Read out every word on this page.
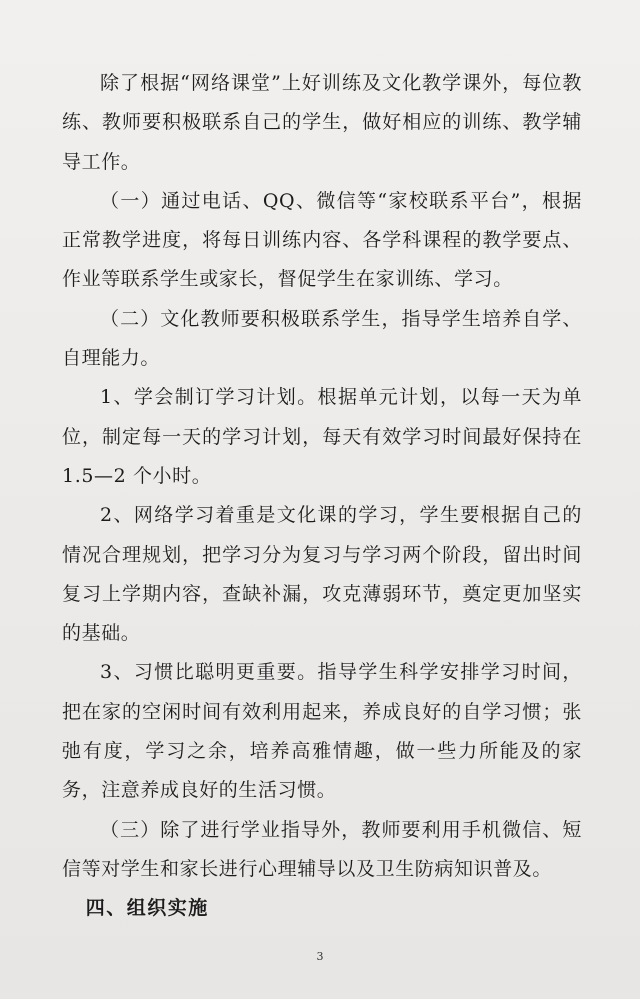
除了根据“网络课堂”上好训练及文化教学课外，每位教练、教师要积极联系自己的学生，做好相应的训练、教学辅导工作。

（一）通过电话、QQ、微信等“家校联系平台”，根据正常教学进度，将每日训练内容、各学科课程的教学要点、作业等联系学生或家长，督促学生在家训练、学习。

（二）文化教师要积极联系学生，指导学生培养自学、自理能力。

1、学会制订学习计划。根据单元计划，以每一天为单位，制定每一天的学习计划，每天有效学习时间最好保持在1.5—2 个小时。

2、网络学习着重是文化课的学习，学生要根据自己的情况合理规划，把学习分为复习与学习两个阶段，留出时间复习上学期内容，查缺补漏，攻克薄弱环节，奠定更加坚实的基础。

3、习惯比聪明更重要。指导学生科学安排学习时间，把在家的空闲时间有效利用起来，养成良好的自学习惯；张弛有度，学习之余，培养高雅情趣，做一些力所能及的家务，注意养成良好的生活习惯。

（三）除了进行学业指导外，教师要利用手机微信、短信等对学生和家长进行心理辅导以及卫生防病知识普及。

四、组织实施

3
